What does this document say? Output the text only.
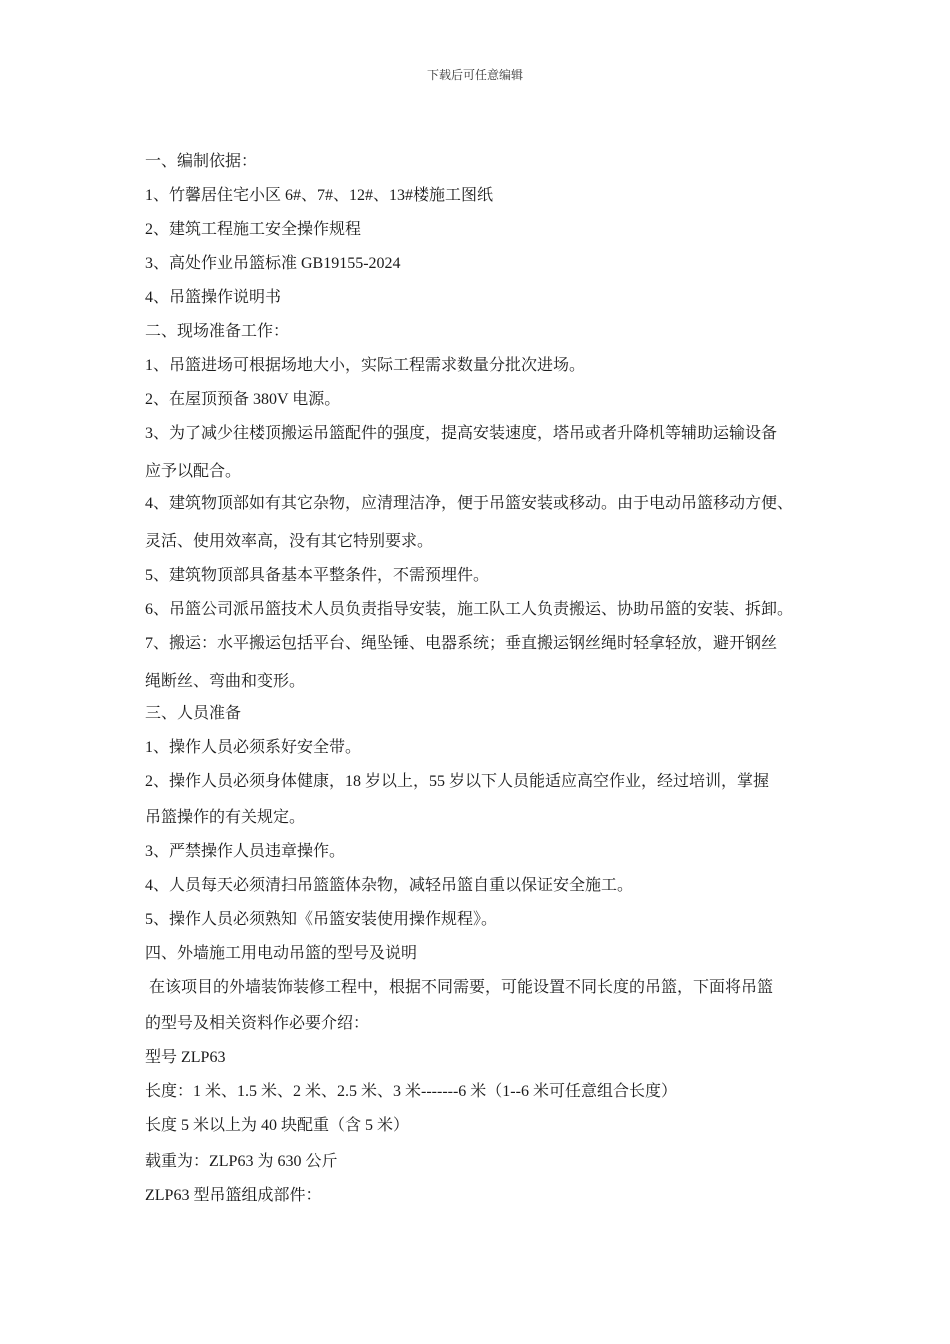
下载后可任意编辑
一、编制依据：
1、竹馨居住宅小区 6#、7#、12#、13#楼施工图纸
2、建筑工程施工安全操作规程
3、高处作业吊篮标准 GB19155-2024
4、吊篮操作说明书
二、现场准备工作：
1、吊篮进场可根据场地大小，实际工程需求数量分批次进场。
2、在屋顶预备 380V 电源。
3、为了减少往楼顶搬运吊篮配件的强度，提高安装速度，塔吊或者升降机等辅助运输设备
应予以配合。
4、建筑物顶部如有其它杂物，应清理洁净，便于吊篮安装或移动。由于电动吊篮移动方便、
灵活、使用效率高，没有其它特别要求。
5、建筑物顶部具备基本平整条件，不需预埋件。
6、吊篮公司派吊篮技术人员负责指导安装，施工队工人负责搬运、协助吊篮的安装、拆卸。
7、搬运：水平搬运包括平台、绳坠锤、电器系统；垂直搬运钢丝绳时轻拿轻放，避开钢丝
绳断丝、弯曲和变形。
三、人员准备
1、操作人员必须系好安全带。
2、操作人员必须身体健康，18 岁以上，55 岁以下人员能适应高空作业，经过培训，掌握
吊篮操作的有关规定。
3、严禁操作人员违章操作。
4、人员每天必须清扫吊篮篮体杂物，减轻吊篮自重以保证安全施工。
5、操作人员必须熟知《吊篮安装使用操作规程》。
四、外墙施工用电动吊篮的型号及说明
在该项目的外墙装饰装修工程中，根据不同需要，可能设置不同长度的吊篮，下面将吊篮
的型号及相关资料作必要介绍：
型号 ZLP63
长度：1 米、1.5 米、2 米、2.5 米、3 米-------6 米（1--6 米可任意组合长度）
长度 5 米以上为 40 块配重（含 5 米）
载重为：ZLP63 为 630 公斤
ZLP63 型吊篮组成部件：
